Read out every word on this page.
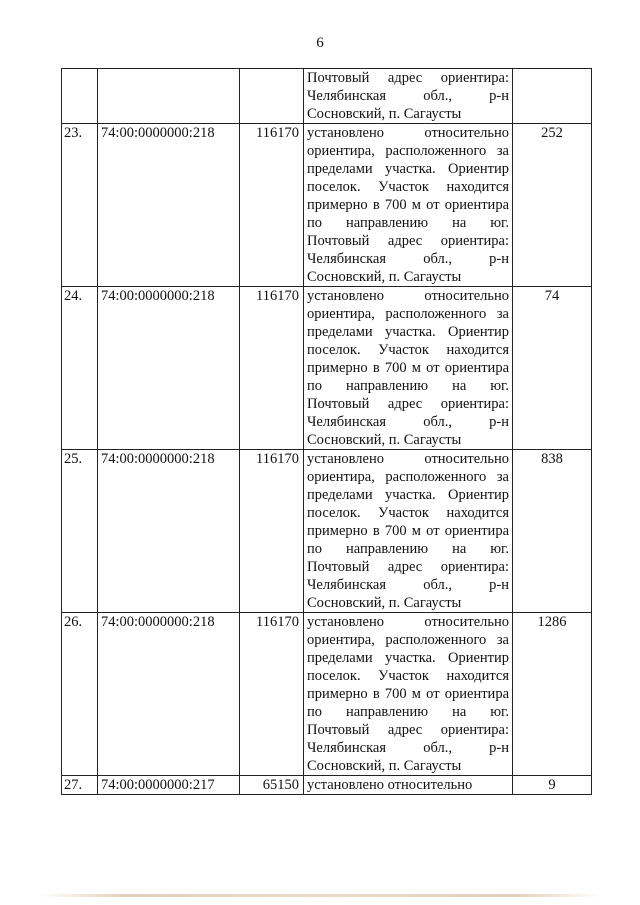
6
			Почтовый адрес ориентира: Челябинская обл., р-н Сосновский, п. Сагаусты	
23.	74:00:0000000:218	116170	установлено относительно ориентира, расположенного за пределами участка. Ориентир поселок. Участок находится примерно в 700 м от ориентира по направлению на юг. Почтовый адрес ориентира: Челябинская обл., р-н Сосновский, п. Сагаусты	252
24.	74:00:0000000:218	116170	установлено относительно ориентира, расположенного за пределами участка. Ориентир поселок. Участок находится примерно в 700 м от ориентира по направлению на юг. Почтовый адрес ориентира: Челябинская обл., р-н Сосновский, п. Сагаусты	74
25.	74:00:0000000:218	116170	установлено относительно ориентира, расположенного за пределами участка. Ориентир поселок. Участок находится примерно в 700 м от ориентира по направлению на юг. Почтовый адрес ориентира: Челябинская обл., р-н Сосновский, п. Сагаусты	838
26.	74:00:0000000:218	116170	установлено относительно ориентира, расположенного за пределами участка. Ориентир поселок. Участок находится примерно в 700 м от ориентира по направлению на юг. Почтовый адрес ориентира: Челябинская обл., р-н Сосновский, п. Сагаусты	1286
27.	74:00:0000000:217	65150	установлено относительно	9
